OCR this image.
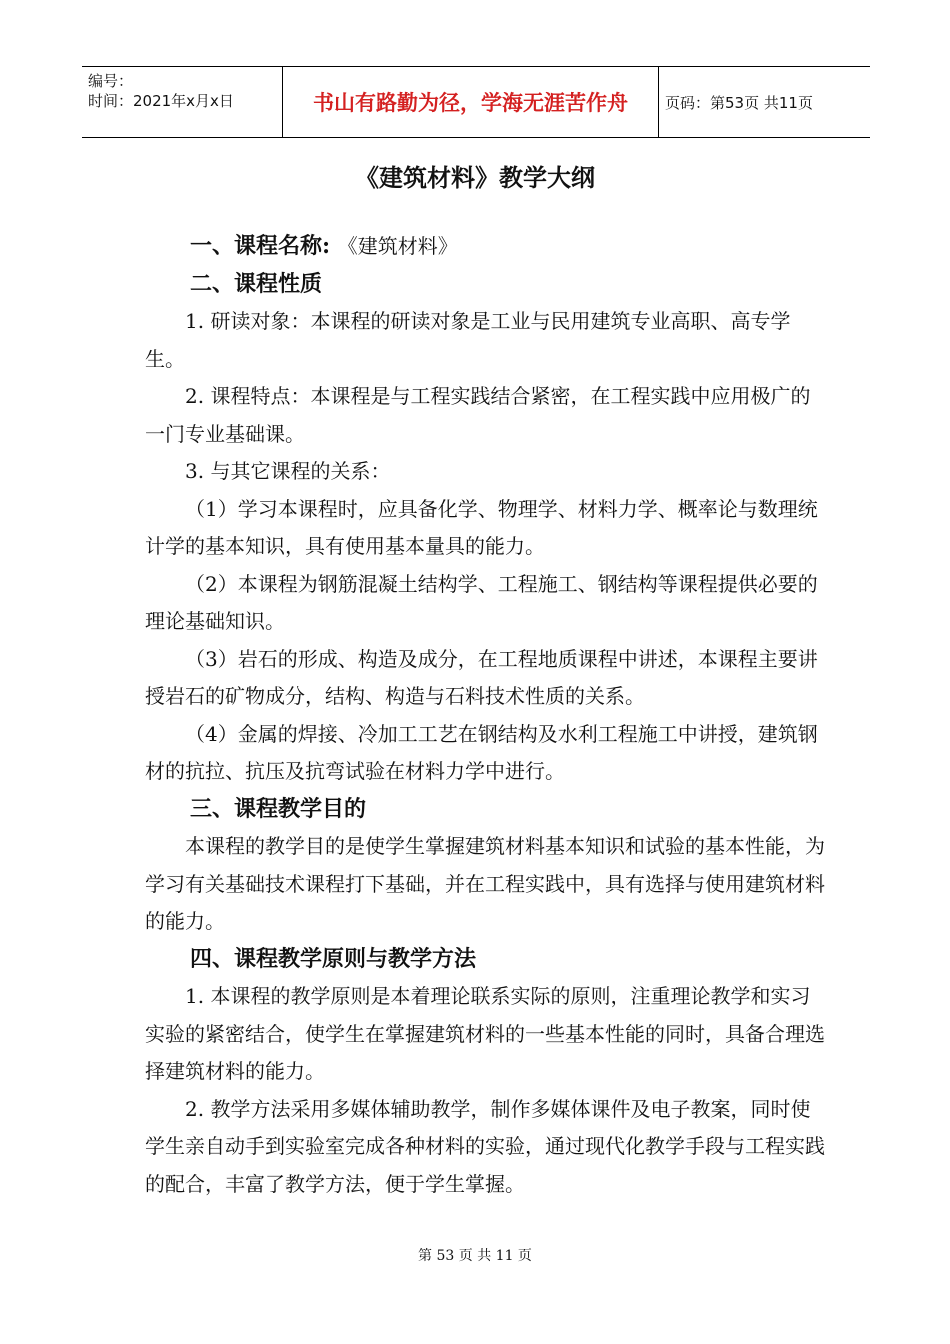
编号：
时间：2021年x月x日	书山有路勤为径，学海无涯苦作舟	页码：第53页 共11页
《建筑材料》教学大纲

一、课程名称: 《建筑材料》

二、课程性质

1. 研读对象：本课程的研读对象是工业与民用建筑专业高职、高专学生。

2. 课程特点：本课程是与工程实践结合紧密，在工程实践中应用极广的一门专业基础课。

3. 与其它课程的关系：

（1）学习本课程时，应具备化学、物理学、材料力学、概率论与数理统计学的基本知识，具有使用基本量具的能力。

（2）本课程为钢筋混凝土结构学、工程施工、钢结构等课程提供必要的理论基础知识。

（3）岩石的形成、构造及成分，在工程地质课程中讲述，本课程主要讲授岩石的矿物成分，结构、构造与石料技术性质的关系。

（4）金属的焊接、冷加工工艺在钢结构及水利工程施工中讲授，建筑钢材的抗拉、抗压及抗弯试验在材料力学中进行。

三、课程教学目的

本课程的教学目的是使学生掌握建筑材料基本知识和试验的基本性能，为学习有关基础技术课程打下基础，并在工程实践中，具有选择与使用建筑材料的能力。

四、课程教学原则与教学方法

1. 本课程的教学原则是本着理论联系实际的原则，注重理论教学和实习实验的紧密结合，使学生在掌握建筑材料的一些基本性能的同时，具备合理选择建筑材料的能力。

2. 教学方法采用多媒体辅助教学，制作多媒体课件及电子教案，同时使学生亲自动手到实验室完成各种材料的实验，通过现代化教学手段与工程实践的配合，丰富了教学方法，便于学生掌握。

第 53 页 共 11 页
